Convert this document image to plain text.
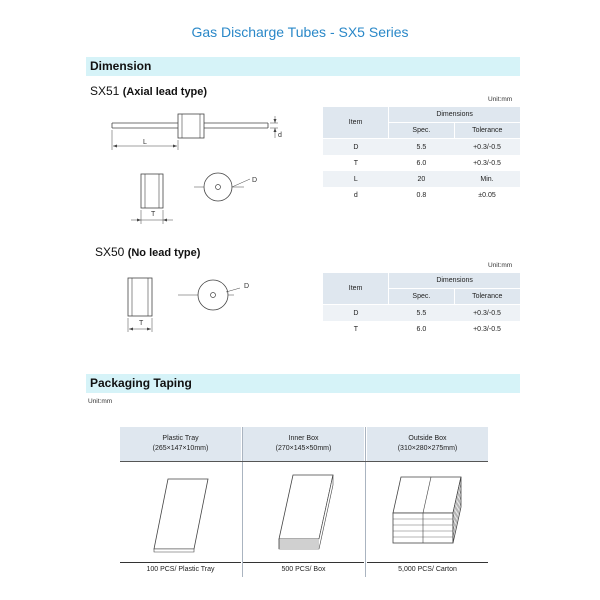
Gas Discharge Tubes - SX5 Series
Dimension
SX51 (Axial lead type)
L
d
T
D
Unit:mm
Item	Dimensions	
	Spec.	Tolerance
D	5.5	+0.3/-0.5
T	6.0	+0.3/-0.5
L	20	Min.
d	0.8	±0.05
SX50 (No lead type)
T
D
Unit:mm
Item	Dimensions	
	Spec.	Tolerance
D	5.5	+0.3/-0.5
T	6.0	+0.3/-0.5
Packaging Taping
Unit:mm
Plastic Tray
(265×147×10mm)
100 PCS/ Plastic Tray
Inner Box
(270×145×50mm)
500 PCS/ Box
Outside Box
(310×280×275mm)
5,000 PCS/ Carton
